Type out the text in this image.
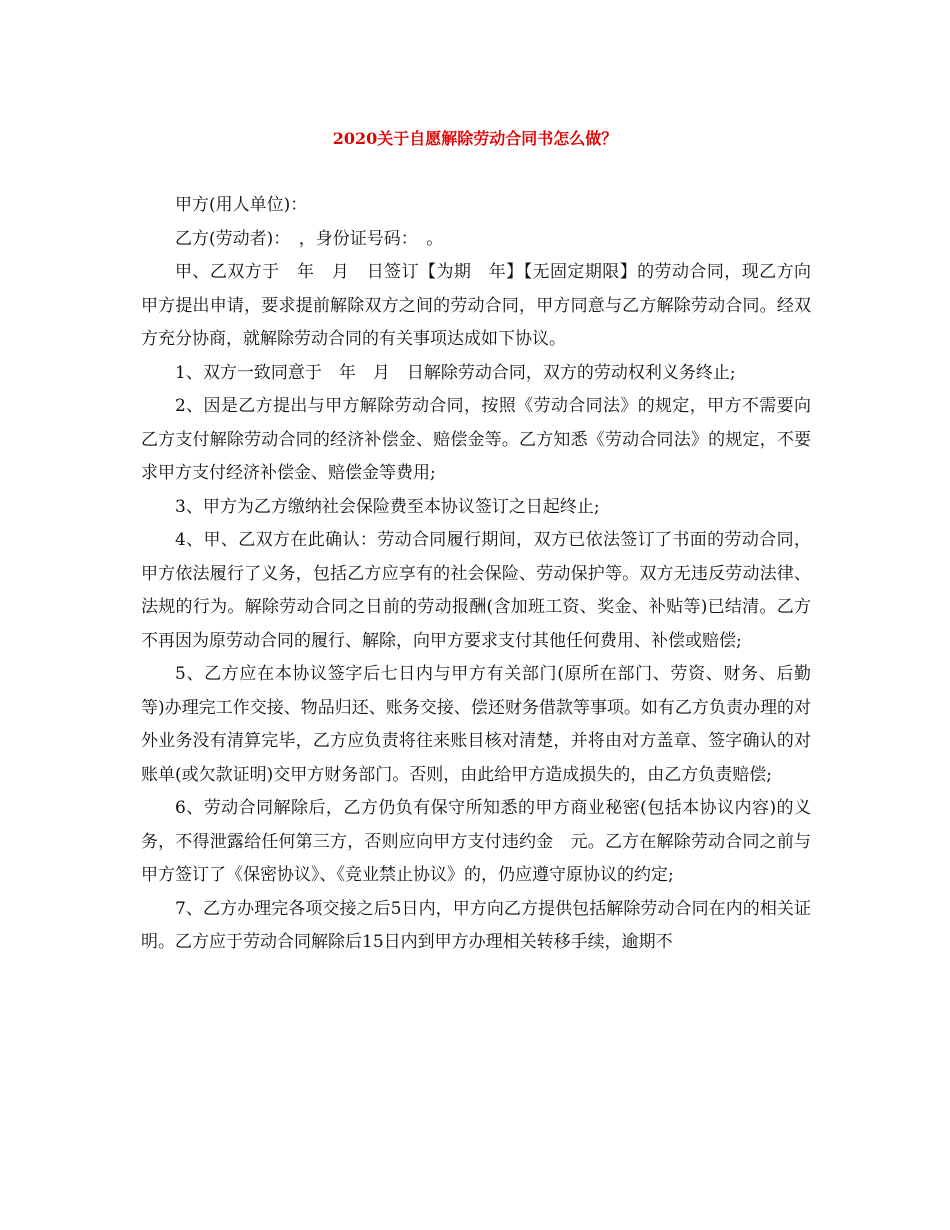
2020关于自愿解除劳动合同书怎么做？

甲方(用人单位)：

乙方(劳动者)：　，身份证号码：　。

甲、乙双方于　年　月　日签订【为期　年】【无固定期限】的劳动合同，现乙方向甲方提出申请，要求提前解除双方之间的劳动合同，甲方同意与乙方解除劳动合同。经双方充分协商，就解除劳动合同的有关事项达成如下协议。

1、双方一致同意于　年　月　日解除劳动合同，双方的劳动权利义务终止;

2、因是乙方提出与甲方解除劳动合同，按照《劳动合同法》的规定，甲方不需要向乙方支付解除劳动合同的经济补偿金、赔偿金等。乙方知悉《劳动合同法》的规定，不要求甲方支付经济补偿金、赔偿金等费用;

3、甲方为乙方缴纳社会保险费至本协议签订之日起终止;

4、甲、乙双方在此确认：劳动合同履行期间，双方已依法签订了书面的劳动合同，甲方依法履行了义务，包括乙方应享有的社会保险、劳动保护等。双方无违反劳动法律、法规的行为。解除劳动合同之日前的劳动报酬(含加班工资、奖金、补贴等)已结清。乙方不再因为原劳动合同的履行、解除，向甲方要求支付其他任何费用、补偿或赔偿;

5、乙方应在本协议签字后七日内与甲方有关部门(原所在部门、劳资、财务、后勤等)办理完工作交接、物品归还、账务交接、偿还财务借款等事项。如有乙方负责办理的对外业务没有清算完毕，乙方应负责将往来账目核对清楚，并将由对方盖章、签字确认的对账单(或欠款证明)交甲方财务部门。否则，由此给甲方造成损失的，由乙方负责赔偿;

6、劳动合同解除后，乙方仍负有保守所知悉的甲方商业秘密(包括本协议内容)的义务，不得泄露给任何第三方，否则应向甲方支付违约金　元。乙方在解除劳动合同之前与甲方签订了《保密协议》、《竞业禁止协议》的，仍应遵守原协议的约定;

7、乙方办理完各项交接之后5日内，甲方向乙方提供包括解除劳动合同在内的相关证明。乙方应于劳动合同解除后15日内到甲方办理相关转移手续，逾期不
